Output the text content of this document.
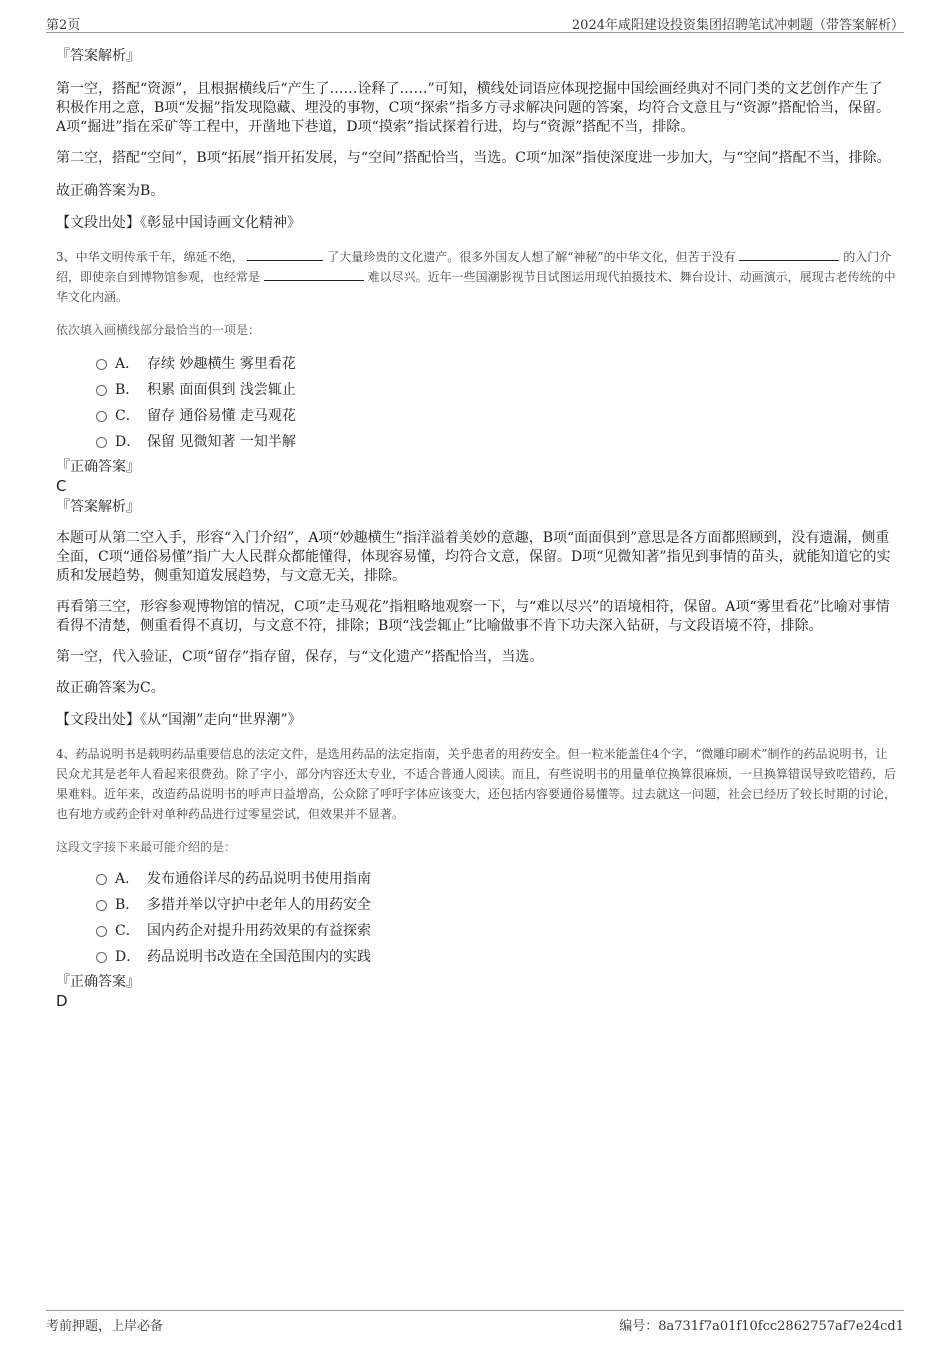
第2页	2024年咸阳建设投资集团招聘笔试冲刺题（带答案解析）

『答案解析』

第一空，搭配“资源”，且根据横线后“产生了……诠释了……”可知，横线处词语应体现挖掘中国绘画经典对不同门类的文艺创作产生了积极作用之意，B项“发掘”指发现隐藏、埋没的事物，C项“探索”指多方寻求解决问题的答案，均符合文意且与“资源”搭配恰当，保留。A项“掘进”指在采矿等工程中，开凿地下巷道，D项“摸索”指试探着行进，均与“资源”搭配不当，排除。

第二空，搭配“空间”，B项“拓展”指开拓发展，与“空间”搭配恰当，当选。C项“加深”指使深度进一步加大，与“空间”搭配不当，排除。

故正确答案为B。

【文段出处】《彰显中国诗画文化精神》

3、中华文明传承千年，绵延不绝，	了大量珍贵的文化遗产。很多外国友人想了解“神秘”的中华文化，但苦于没有	的入门介绍，即使亲自到博物馆参观，也经常是	难以尽兴。近年一些国潮影视节目试图运用现代拍摄技术、舞台设计、动画演示，展现古老传统的中华文化内涵。

依次填入画横线部分最恰当的一项是：

A． 存续 妙趣横生 雾里看花
B． 积累 面面俱到 浅尝辄止
C． 留存 通俗易懂 走马观花
D． 保留 见微知著 一知半解

『正确答案』

C

『答案解析』

本题可从第二空入手，形容“入门介绍”，A项“妙趣横生”指洋溢着美妙的意趣，B项“面面俱到”意思是各方面都照顾到，没有遗漏，侧重全面，C项“通俗易懂”指广大人民群众都能懂得，体现容易懂，均符合文意，保留。D项“见微知著”指见到事情的苗头，就能知道它的实质和发展趋势，侧重知道发展趋势，与文意无关，排除。

再看第三空，形容参观博物馆的情况，C项“走马观花”指粗略地观察一下，与“难以尽兴”的语境相符，保留。A项“雾里看花”比喻对事情看得不清楚，侧重看得不真切，与文意不符，排除；B项“浅尝辄止”比喻做事不肯下功夫深入钻研，与文段语境不符，排除。

第一空，代入验证，C项“留存”指存留，保存，与“文化遗产”搭配恰当，当选。

故正确答案为C。

【文段出处】《从“国潮”走向“世界潮”》

4、药品说明书是载明药品重要信息的法定文件，是选用药品的法定指南，关乎患者的用药安全。但一粒米能盖住4个字，“微雕印刷术”制作的药品说明书，让民众尤其是老年人看起来很费劲。除了字小，部分内容还太专业，不适合普通人阅读。而且，有些说明书的用量单位换算很麻烦，一旦换算错误导致吃错药，后果难料。近年来，改造药品说明书的呼声日益增高，公众除了呼吁字体应该变大，还包括内容要通俗易懂等。过去就这一问题，社会已经历了较长时期的讨论，也有地方或药企针对单种药品进行过零星尝试，但效果并不显著。

这段文字接下来最可能介绍的是：

A． 发布通俗详尽的药品说明书使用指南
B． 多措并举以守护中老年人的用药安全
C． 国内药企对提升用药效果的有益探索
D． 药品说明书改造在全国范围内的实践

『正确答案』

D

考前押题，上岸必备	编号：8a731f7a01f10fcc2862757af7e24cd1
